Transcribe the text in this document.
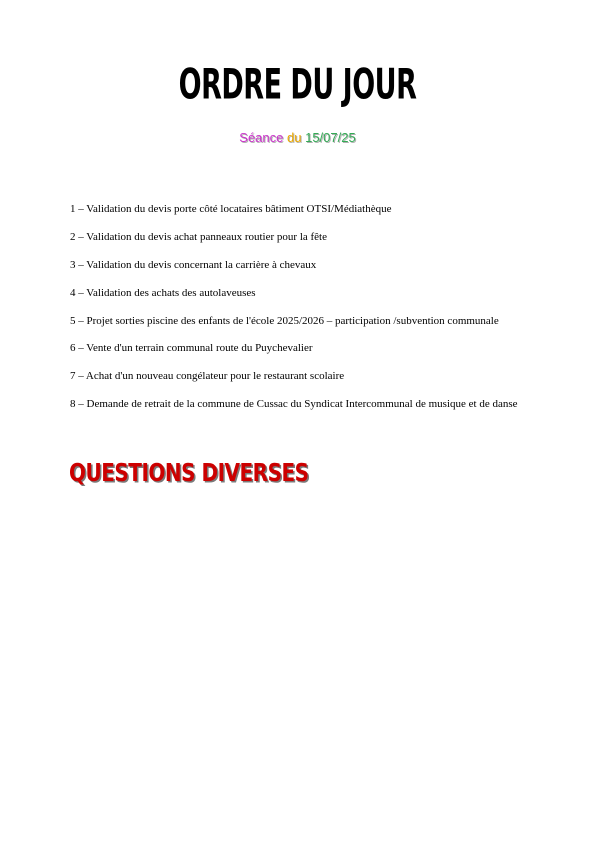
ORDRE DU JOUR
Séance du 15/07/25

1 – Validation du devis porte côté locataires bâtiment OTSI/Médiathèque

2 – Validation du devis achat panneaux routier pour la fête

3 – Validation du devis concernant la carrière à chevaux

4 – Validation des achats des autolaveuses

5 – Projet sorties piscine des enfants de l'école 2025/2026 – participation /subvention communale

6 – Vente d'un terrain communal route du Puychevalier

7 – Achat d'un nouveau congélateur pour le restaurant scolaire

8 – Demande de retrait de la commune de Cussac du Syndicat Intercommunal de musique et de danse

QUESTIONS DIVERSES
